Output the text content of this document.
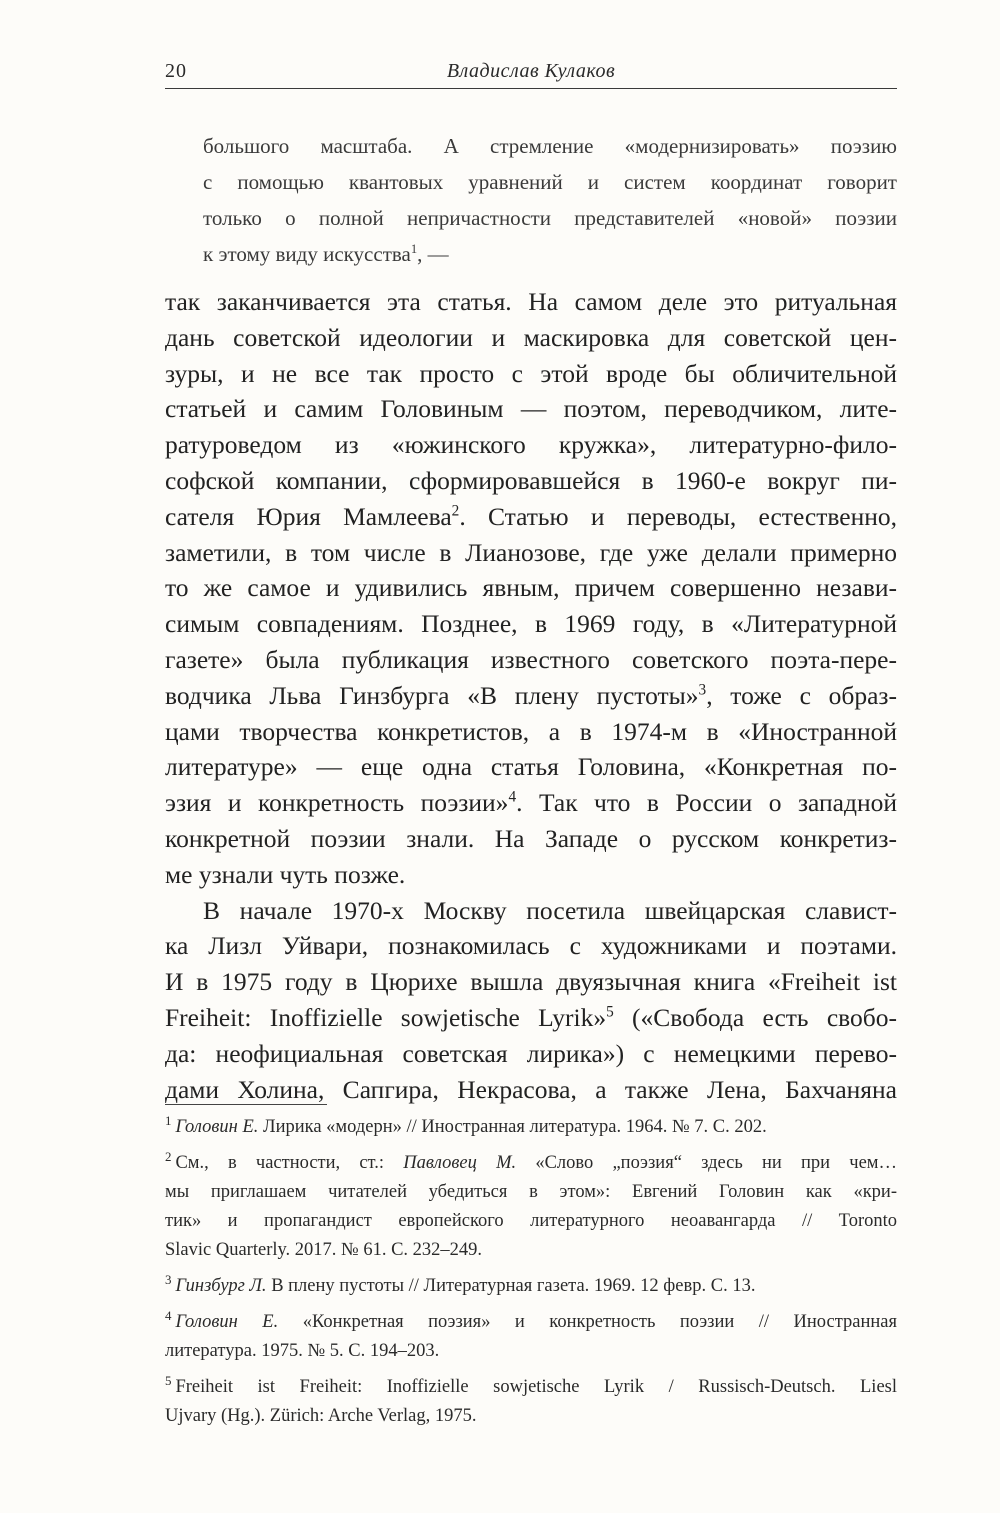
20	Владислав Кулаков
большого масштаба. А стремление «модернизировать» поэзию
с помощью квантовых уравнений и систем координат говорит
только о полной непричастности представителей «новой» поэзии
к этому виду искусства$^1$, —
так заканчивается эта статья. На самом деле это ритуальная
дань советской идеологии и маскировка для советской цен-
зуры, и не все так просто с этой вроде бы обличительной
статьей и самим Головиным — поэтом, переводчиком, лите-
ратуроведом из «южинского кружка», литературно-фило-
софской компании, сформировавшейся в 1960-е вокруг пи-
сателя Юрия Мамлеева$^2$. Статью и переводы, естественно,
заметили, в том числе в Лианозове, где уже делали примерно
то же самое и удивились явным, причем совершенно незави-
симым совпадениям. Позднее, в 1969 году, в «Литературной
газете» была публикация известного советского поэта-пере-
водчика Льва Гинзбурга «В плену пустоты»$^3$, тоже с образ-
цами творчества конкретистов, а в 1974-м в «Иностранной
литературе» — еще одна статья Головина, «Конкретная по-
эзия и конкретность поэзии»$^4$. Так что в России о западной
конкретной поэзии знали. На Западе о русском конкретиз-
ме узнали чуть позже.
В начале 1970-х Москву посетила швейцарская славист-
ка Лизл Уйвари, познакомилась с художниками и поэтами.
И в 1975 году в Цюрихе вышла двуязычная книга «Freiheit ist
Freiheit: Inoffizielle sowjetische Lyrik»$^5$ («Свобода есть свобо-
да: неофициальная советская лирика») с немецкими перево-
дами Холина, Сапгира, Некрасова, а также Лена, Бахчаняна
$^1$ Головин Е. Лирика «модерн» // Иностранная литература. 1964. № 7. С. 202.
$^2$ См., в частности, ст.: Павловец М. «Слово „поэзия“ здесь ни при чем…
мы приглашаем читателей убедиться в этом»: Евгений Головин как «кри-
тик» и пропагандист европейского литературного неоавангарда // Toronto
Slavic Quarterly. 2017. № 61. С. 232–249.
$^3$ Гинзбург Л. В плену пустоты // Литературная газета. 1969. 12 февр. С. 13.
$^4$ Головин Е. «Конкретная поэзия» и конкретность поэзии // Иностранная
литература. 1975. № 5. С. 194–203.
$^5$ Freiheit ist Freiheit: Inoffizielle sowjetische Lyrik / Russisch-Deutsch. Liesl
Ujvary (Hg.). Zürich: Arche Verlag, 1975.
